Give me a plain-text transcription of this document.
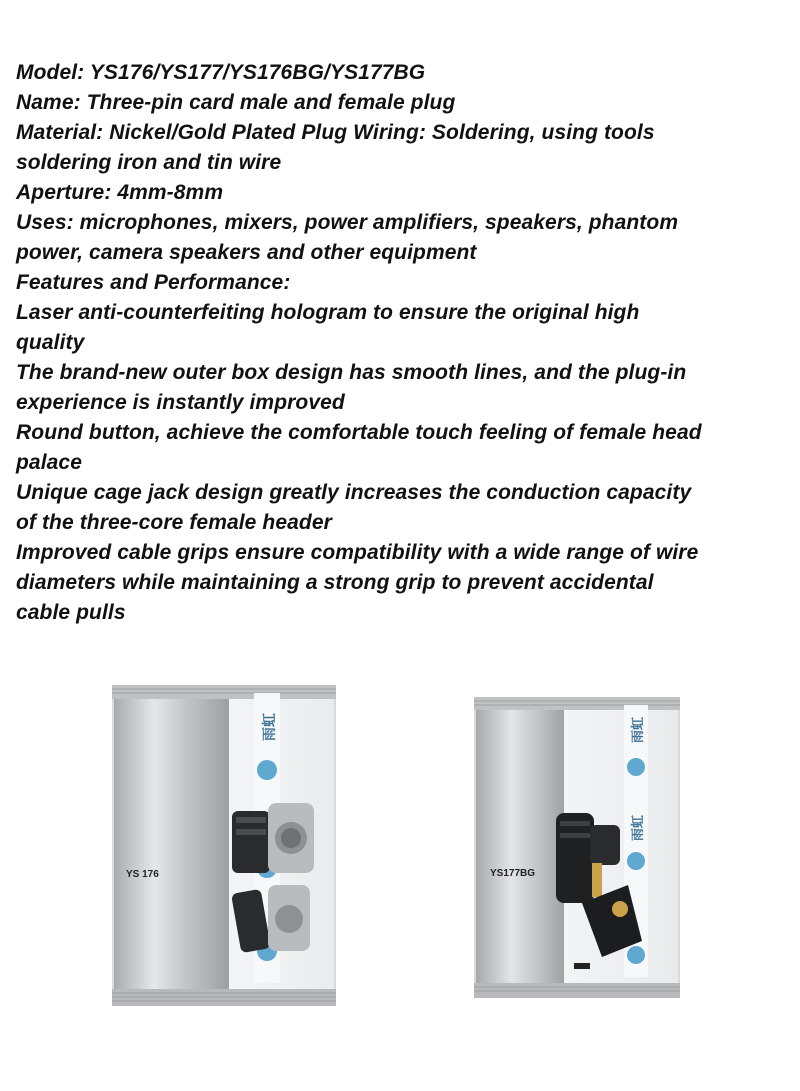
Model: YS176/YS177/YS176BG/YS177BG

Name: Three-pin card male and female plug

Material: Nickel/Gold Plated Plug Wiring: Soldering, using tools

soldering iron and tin wire

Aperture: 4mm-8mm

Uses: microphones, mixers, power amplifiers, speakers, phantom

power, camera speakers and other equipment

Features and Performance:

Laser anti-counterfeiting hologram to ensure the original high

quality

The brand-new outer box design has smooth lines, and the plug-in

experience is instantly improved

Round button, achieve the comfortable touch feeling of female head

palace

Unique cage jack design greatly increases the conduction capacity

of the three-core female header

Improved cable grips ensure compatibility with a wide range of wire

diameters while maintaining a strong grip to prevent accidental

cable pulls

雨虹
YS 176
雨虹
雨虹
YS177BG
